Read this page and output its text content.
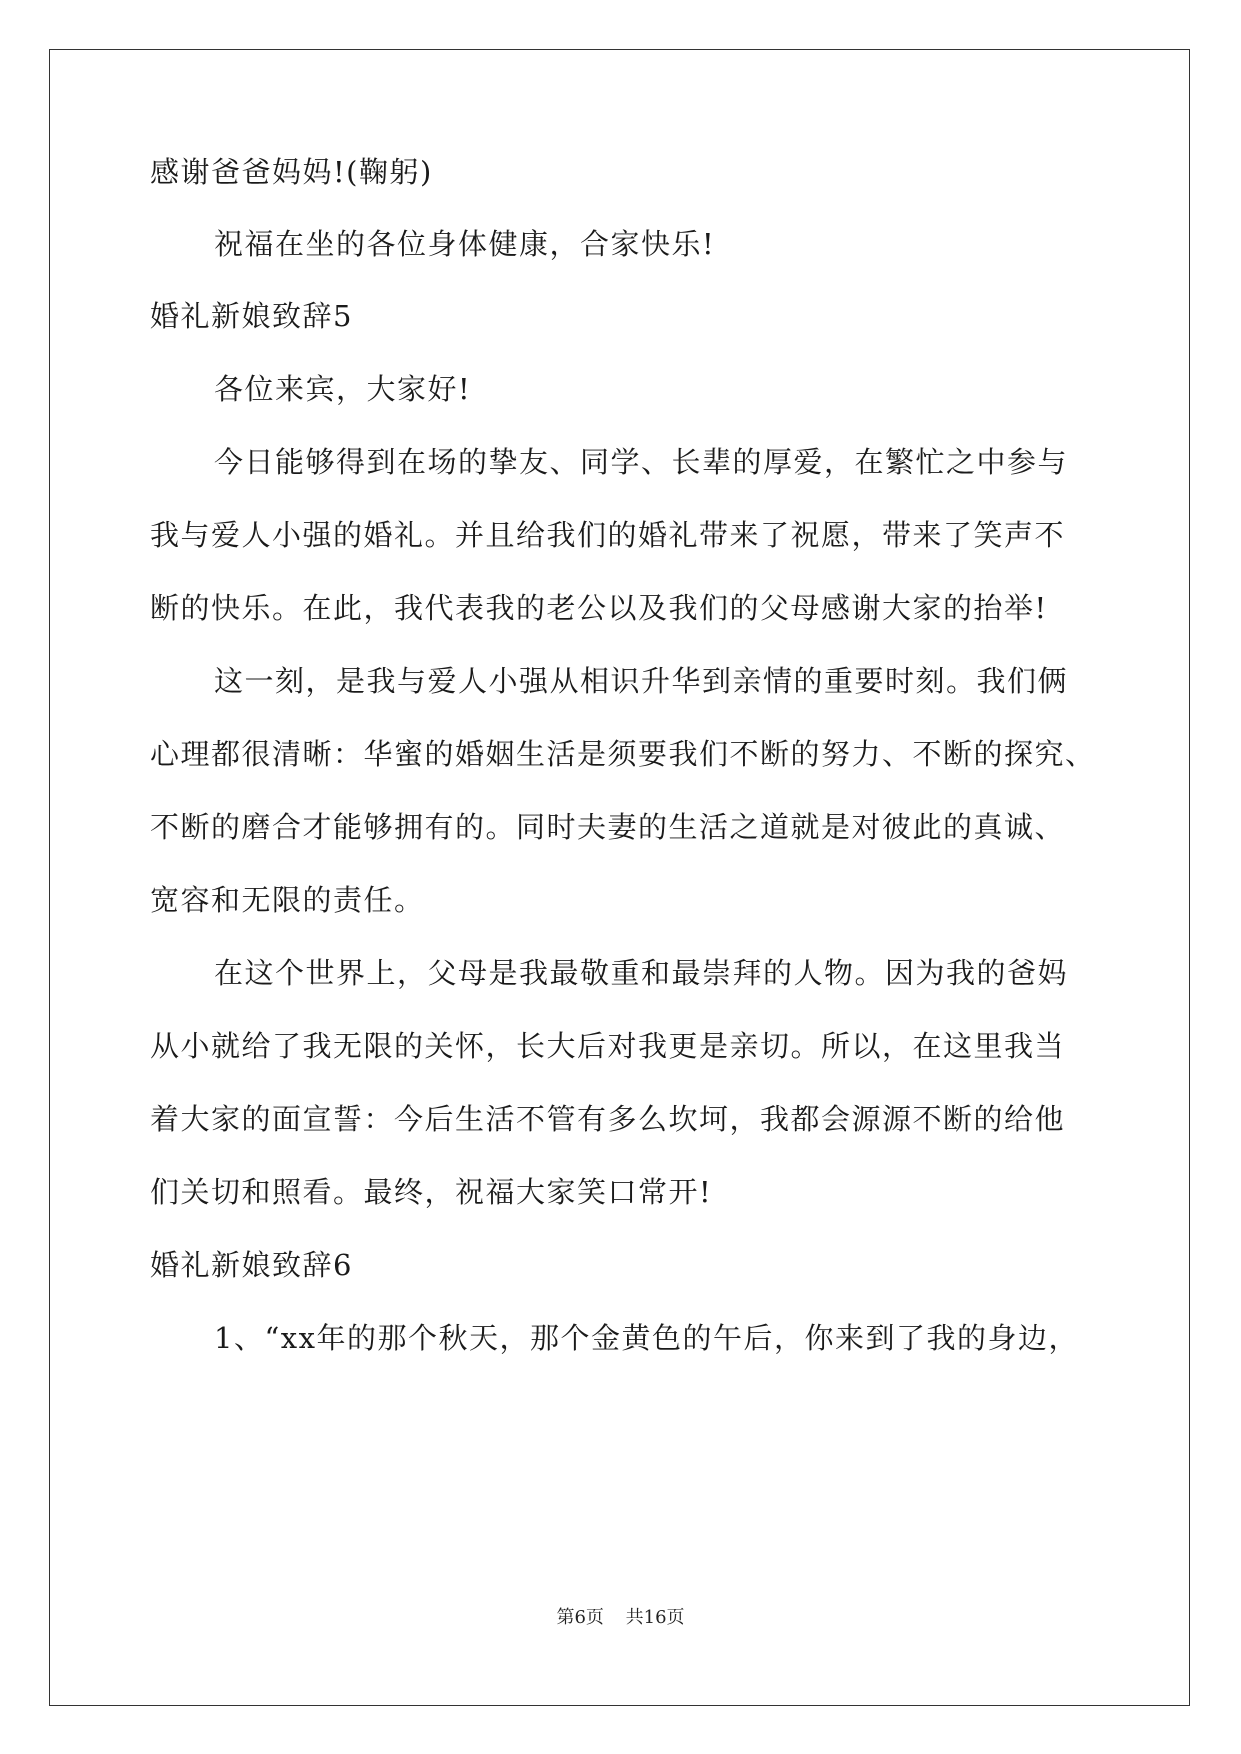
感谢爸爸妈妈!(鞠躬)
祝福在坐的各位身体健康，合家快乐!
婚礼新娘致辞5
各位来宾，大家好!
今日能够得到在场的挚友、同学、长辈的厚爱，在繁忙之中参与
我与爱人小强的婚礼。并且给我们的婚礼带来了祝愿，带来了笑声不
断的快乐。在此，我代表我的老公以及我们的父母感谢大家的抬举!
这一刻，是我与爱人小强从相识升华到亲情的重要时刻。我们俩
心理都很清晰：华蜜的婚姻生活是须要我们不断的努力、不断的探究、
不断的磨合才能够拥有的。同时夫妻的生活之道就是对彼此的真诚、
宽容和无限的责任。
在这个世界上，父母是我最敬重和最崇拜的人物。因为我的爸妈
从小就给了我无限的关怀，长大后对我更是亲切。所以，在这里我当
着大家的面宣誓：今后生活不管有多么坎坷，我都会源源不断的给他
们关切和照看。最终，祝福大家笑口常开!
婚礼新娘致辞6
1、“xx年的那个秋天，那个金黄色的午后，你来到了我的身边，
第6页 共16页
